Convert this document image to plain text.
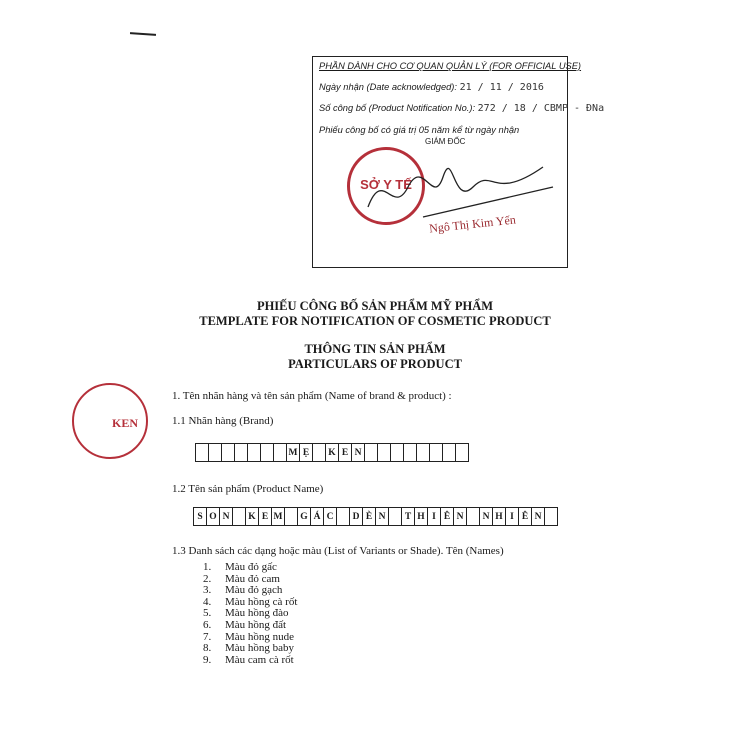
PHẦN DÀNH CHO CƠ QUAN QUẢN LÝ (FOR OFFICIAL USE)
Ngày nhận (Date acknowledged): 21 / 11 / 2016
Số công bố (Product Notification No.): 272 / 18 / CBMP - ĐNa
Phiếu công bố có giá trị 05 năm kể từ ngày nhận
GIÁM ĐỐC
SỞ Y TẾ
Ngô Thị Kim Yến
PHIẾU CÔNG BỐ SẢN PHẨM MỸ PHẨM
TEMPLATE FOR NOTIFICATION OF COSMETIC PRODUCT
THÔNG TIN SẢN PHẨM
PARTICULARS OF PRODUCT
KEN
1. Tên nhãn hàng và tên sản phẩm (Name of brand & product) :
1.1 Nhãn hàng (Brand)
M Ẹ	K E N
1.2 Tên sản phẩm (Product Name)
S O N	K E M G Á C	D È N	T H I Ê N	N H I Ê N
1.3 Danh sách các dạng hoặc màu (List of Variants or Shade). Tên (Names)
1.	Màu đỏ gấc
2.	Màu đỏ cam
3.	Màu đỏ gạch
4.	Màu hồng cà rốt
5.	Màu hồng đào
6.	Màu hồng đất
7.	Màu hồng nude
8.	Màu hồng baby
9.	Màu cam cà rốt
